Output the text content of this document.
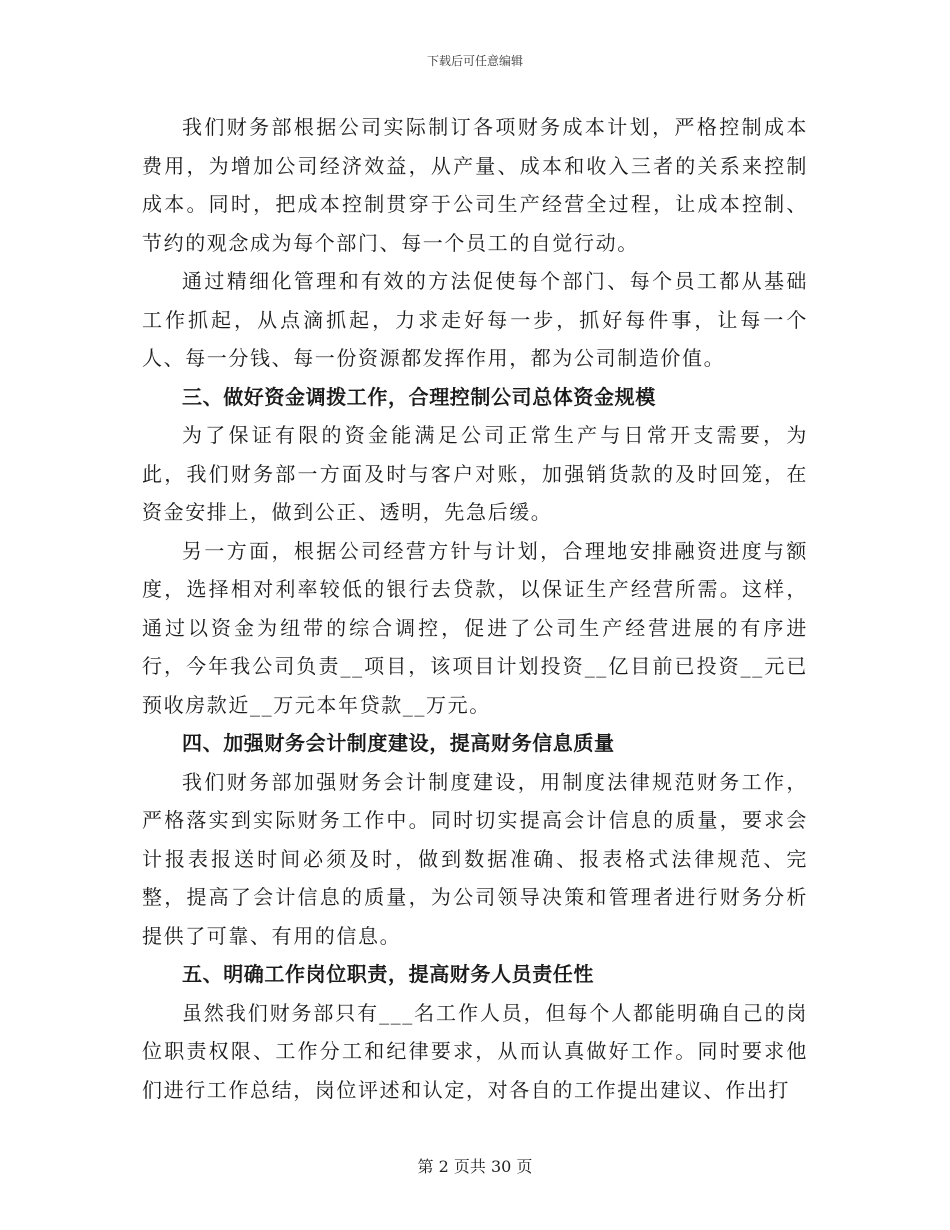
下载后可任意编辑

我们财务部根据公司实际制订各项财务成本计划，严格控制成本费用，为增加公司经济效益，从产量、成本和收入三者的关系来控制成本。同时，把成本控制贯穿于公司生产经营全过程，让成本控制、节约的观念成为每个部门、每一个员工的自觉行动。

通过精细化管理和有效的方法促使每个部门、每个员工都从基础工作抓起，从点滴抓起，力求走好每一步，抓好每件事，让每一个人、每一分钱、每一份资源都发挥作用，都为公司制造价值。

三、做好资金调拨工作，合理控制公司总体资金规模

为了保证有限的资金能满足公司正常生产与日常开支需要，为此，我们财务部一方面及时与客户对账，加强销货款的及时回笼，在资金安排上，做到公正、透明，先急后缓。

另一方面，根据公司经营方针与计划，合理地安排融资进度与额度，选择相对利率较低的银行去贷款，以保证生产经营所需。这样，通过以资金为纽带的综合调控，促进了公司生产经营进展的有序进行，今年我公司负责__项目，该项目计划投资__亿目前已投资__元已预收房款近__万元本年贷款__万元。

四、加强财务会计制度建设，提高财务信息质量

我们财务部加强财务会计制度建设，用制度法律规范财务工作，严格落实到实际财务工作中。同时切实提高会计信息的质量，要求会计报表报送时间必须及时，做到数据准确、报表格式法律规范、完整，提高了会计信息的质量，为公司领导决策和管理者进行财务分析提供了可靠、有用的信息。

五、明确工作岗位职责，提高财务人员责任性

虽然我们财务部只有___名工作人员，但每个人都能明确自己的岗位职责权限、工作分工和纪律要求，从而认真做好工作。同时要求他们进行工作总结，岗位评述和认定，对各自的工作提出建议、作出打

第 2 页共 30 页
